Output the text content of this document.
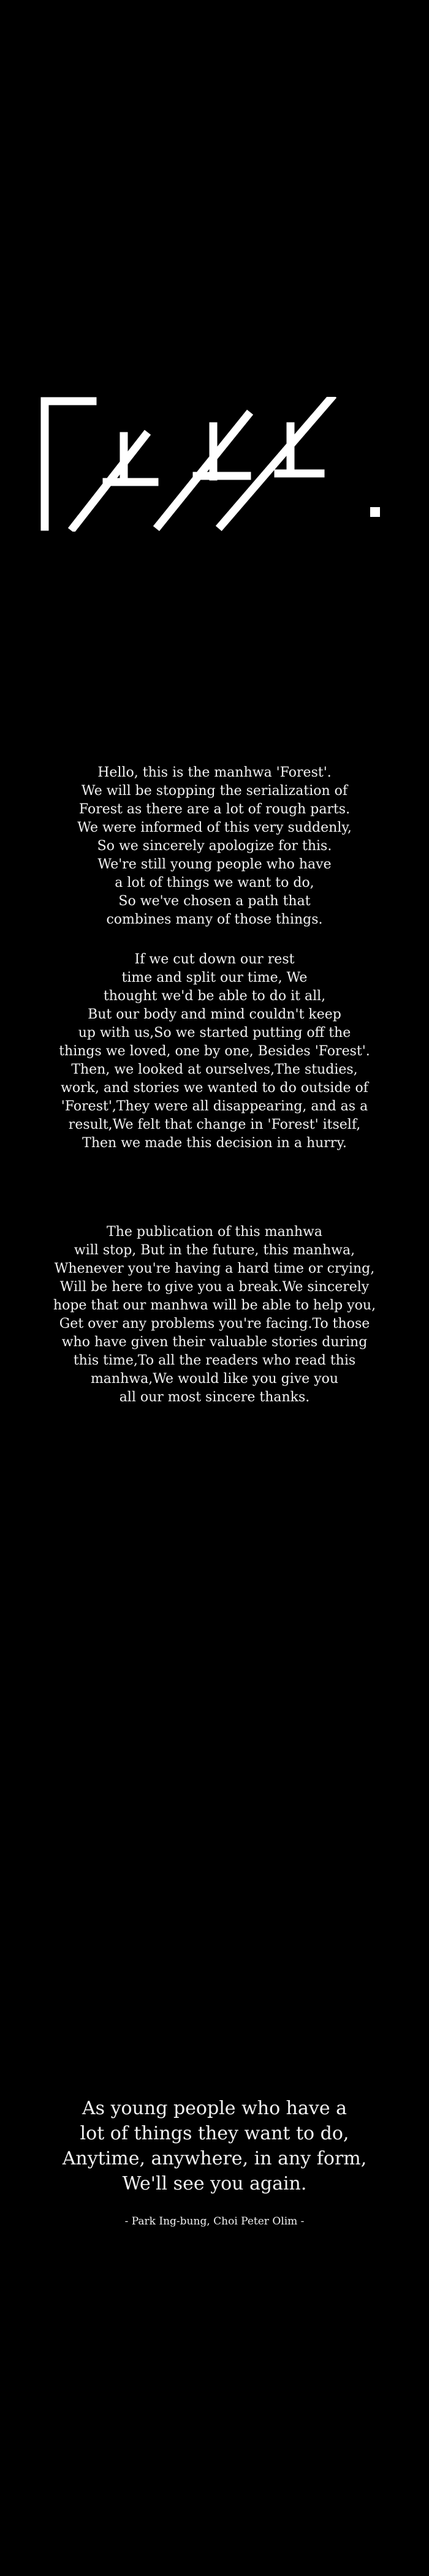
Hello, this is the manhwa 'Forest'.
We will be stopping the serialization of
Forest as there are a lot of rough parts.
We were informed of this very suddenly,
So we sincerely apologize for this.
We're still young people who have
a lot of things we want to do,
So we've chosen a path that
combines many of those things.
If we cut down our rest
time and split our time, We
thought we'd be able to do it all,
But our body and mind couldn't keep
up with us,So we started putting off the
things we loved, one by one, Besides 'Forest'.
Then, we looked at ourselves,The studies,
work, and stories we wanted to do outside of
'Forest',They were all disappearing, and as a
result,We felt that change in 'Forest' itself,
Then we made this decision in a hurry.
The publication of this manhwa
will stop, But in the future, this manhwa,
Whenever you're having a hard time or crying,
Will be here to give you a break.We sincerely
hope that our manhwa will be able to help you,
Get over any problems you're facing.To those
who have given their valuable stories during
this time,To all the readers who read this
manhwa,We would like you give you
all our most sincere thanks.
As young people who have a
lot of things they want to do,
Anytime, anywhere, in any form,
We'll see you again.
- Park Ing-bung, Choi Peter Olim -
